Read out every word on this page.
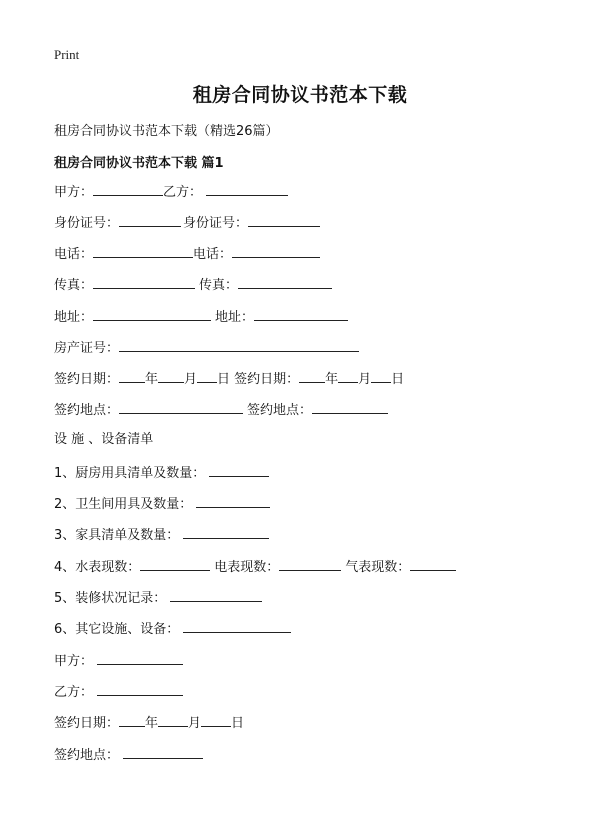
Print
租房合同协议书范本下载
租房合同协议书范本下载（精选26篇）
租房合同协议书范本下载 篇1
甲方：	乙方：
身份证号：	身份证号：
电话：	电话：
传真：	传真：
地址：	地址：
房产证号：
签约日期： 年 月 日 签约日期： 年 月 日
签约地点：	签约地点：
设 施 、设备清单
1、厨房用具清单及数量：
2、卫生间用具及数量：
3、家具清单及数量：
4、水表现数：	电表现数：	气表现数：
5、装修状况记录：
6、其它设施、设备：
甲方：
乙方：
签约日期： 年 月 日
签约地点：
